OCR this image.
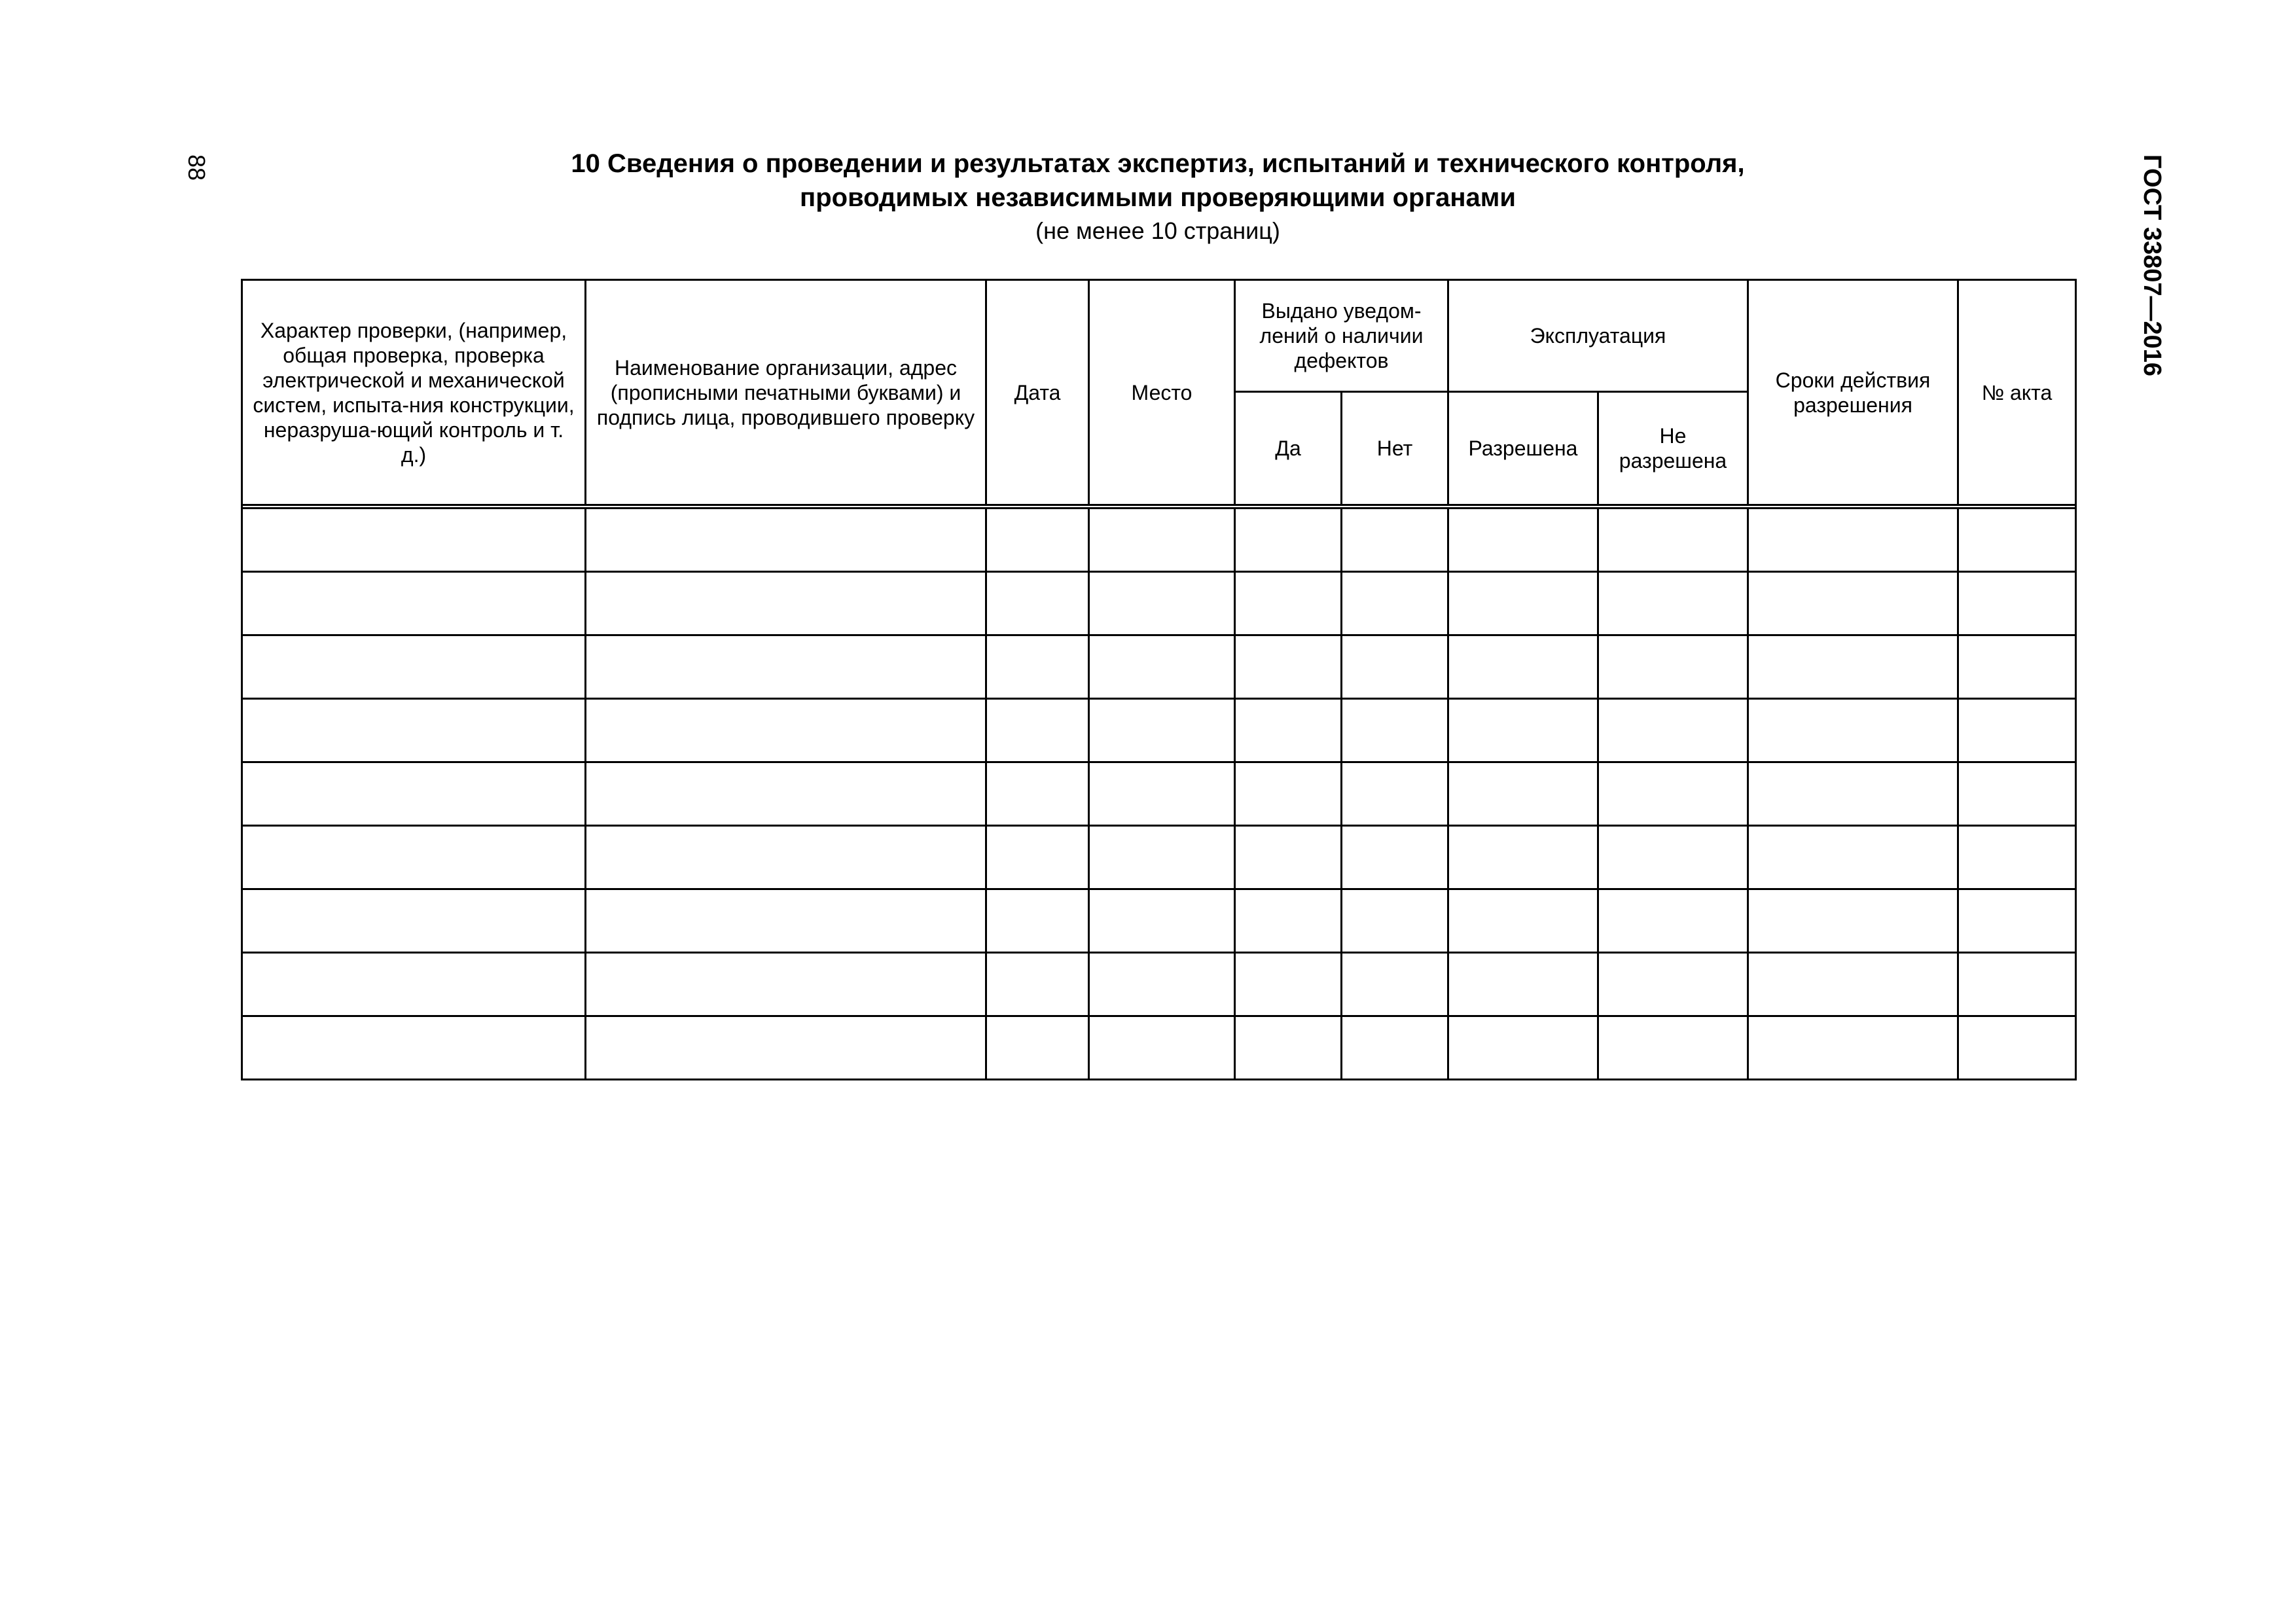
88	ГОСТ 33807—2016
10 Сведения о проведении и результатах экспертиз, испытаний и технического контроля,
проводимых независимыми проверяющими органами
(не менее 10 страниц)
Характер проверки, (например, общая проверка, проверка электрической и механической систем, испыта-ния конструкции, неразруша-ющий контроль и т. д.)	Наименование организации, адрес (прописными печатными буквами) и подпись лица, проводившего проверку	Дата	Место	Выдано уведом-лений о наличии дефектов		Эксплуатация		Сроки действия разрешения	№ акта
				Да	Нет	Разрешена	Не разрешена		
